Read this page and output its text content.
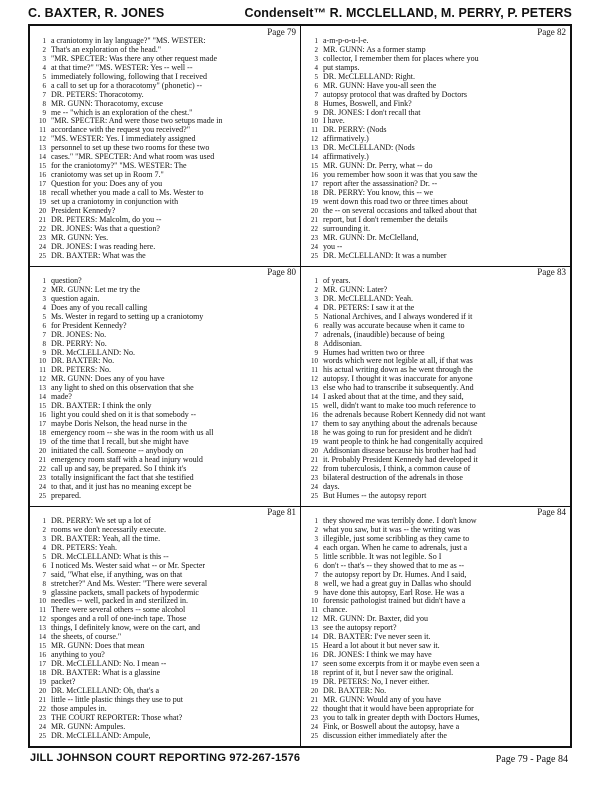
C. BAXTER, R. JONES	CondenseIt™ R. MCCLELLAND, M. PERRY, P. PETERS
Page 79
1 a craniotomy in lay language?" "MS. WESTER:
2 That's an exploration of the head."
3 "MR. SPECTER: Was there any other request made
4 at that time?" "MS. WESTER: Yes -- well --
5 immediately following, following that I received
6 a call to set up for a thoracotomy" (phonetic) --
7 DR. PETERS: Thoracotomy.
8 MR. GUNN: Thoracotomy, excuse
9 me -- "which is an exploration of the chest."
10 "MR. SPECTER: And were those two setups made in
11 accordance with the request you received?"
12 "MS. WESTER: Yes. I immediately assigned
13 personnel to set up these two rooms for these two
14 cases." "MR. SPECTER: And what room was used
15 for the craniotomy?" "MS. WESTER: The
16 craniotomy was set up in Room 7."
17 Question for you: Does any of you
18 recall whether you made a call to Ms. Wester to
19 set up a craniotomy in conjunction with
20 President Kennedy?
21 DR. PETERS: Malcolm, do you --
22 DR. JONES: Was that a question?
23 MR. GUNN: Yes.
24 DR. JONES: I was reading here.
25 DR. BAXTER: What was the
Page 80
1 question?
2 MR. GUNN: Let me try the
3 question again.
4 Does any of you recall calling
5 Ms. Wester in regard to setting up a craniotomy
6 for President Kennedy?
7 DR. JONES: No.
8 DR. PERRY: No.
9 DR. McCLELLAND: No.
10 DR. BAXTER: No.
11 DR. PETERS: No.
12 MR. GUNN: Does any of you have
13 any light to shed on this observation that she
14 made?
15 DR. BAXTER: I think the only
16 light you could shed on it is that somebody --
17 maybe Doris Nelson, the head nurse in the
18 emergency room -- she was in the room with us all
19 of the time that I recall, but she might have
20 initiated the call. Someone -- anybody on
21 emergency room staff with a head injury would
22 call up and say, be prepared. So I think it's
23 totally insignificant the fact that she testified
24 to that, and it just has no meaning except be
25 prepared.
Page 81
1 DR. PERRY: We set up a lot of
2 rooms we don't necessarily execute.
3 DR. BAXTER: Yeah, all the time.
4 DR. PETERS: Yeah.
5 DR. McCLELLAND: What is this --
6 I noticed Ms. Wester said what -- or Mr. Specter
7 said, "What else, if anything, was on that
8 stretcher?" And Ms. Wester: "There were several
9 glassine packets, small packets of hypodermic
10 needles -- well, packed in and sterilized in.
11 There were several others -- some alcohol
12 sponges and a roll of one-inch tape. Those
13 things, I definitely know, were on the cart, and
14 the sheets, of course."
15 MR. GUNN: Does that mean
16 anything to you?
17 DR. McCLELLAND: No. I mean --
18 DR. BAXTER: What is a glassine
19 packet?
20 DR. McCLELLAND: Oh, that's a
21 little -- little plastic things they use to put
22 those ampules in.
23 THE COURT REPORTER: Those what?
24 MR. GUNN: Ampules.
25 DR. McCLELLAND: Ampule,
Page 82
1 a-m-p-o-u-l-e.
2 MR. GUNN: As a former stamp
3 collector, I remember them for places where you
4 put stamps.
5 DR. McCLELLAND: Right.
6 MR. GUNN: Have you-all seen the
7 autopsy protocol that was drafted by Doctors
8 Humes, Boswell, and Fink?
9 DR. JONES: I don't recall that
10 I have.
11 DR. PERRY: (Nods
12 affirmatively.)
13 DR. McCLELLAND: (Nods
14 affirmatively.)
15 MR. GUNN: Dr. Perry, what -- do
16 you remember how soon it was that you saw the
17 report after the assassination? Dr. --
18 DR. PERRY: You know, this -- we
19 went down this road two or three times about
20 the -- on several occasions and talked about that
21 report, but I don't remember the details
22 surrounding it.
23 MR. GUNN: Dr. McClelland,
24 you --
25 DR. McCLELLAND: It was a number
Page 83
1 of years.
2 MR. GUNN: Later?
3 DR. McCLELLAND: Yeah.
4 DR. PETERS: I saw it at the
5 National Archives, and I always wondered if it
6 really was accurate because when it came to
7 adrenals, (inaudible) because of being
8 Addisonian.
9 Humes had written two or three
10 words which were not legible at all, if that was
11 his actual writing down as he went through the
12 autopsy. I thought it was inaccurate for anyone
13 else who had to transcribe it subsequently. And
14 I asked about that at the time, and they said,
15 well, didn't want to make too much reference to
16 the adrenals because Robert Kennedy did not want
17 them to say anything about the adrenals because
18 he was going to run for president and he didn't
19 want people to think he had congenitally acquired
20 Addisonian disease because his brother had had
21 it. Probably President Kennedy had developed it
22 from tuberculosis, I think, a common cause of
23 bilateral destruction of the adrenals in those
24 days.
25 But Humes -- the autopsy report
Page 84
1 they showed me was terribly done. I don't know
2 what you saw, but it was -- the writing was
3 illegible, just some scribbling as they came to
4 each organ. When he came to adrenals, just a
5 little scribble. It was not legible. So I
6 don't -- that's -- they showed that to me as --
7 the autopsy report by Dr. Humes. And I said,
8 well, we had a great guy in Dallas who should
9 have done this autopsy, Earl Rose. He was a
10 forensic pathologist trained but didn't have a
11 chance.
12 MR. GUNN: Dr. Baxter, did you
13 see the autopsy report?
14 DR. BAXTER: I've never seen it.
15 Heard a lot about it but never saw it.
16 DR. JONES: I think we may have
17 seen some excerpts from it or maybe even seen a
18 reprint of it, but I never saw the original.
19 DR. PETERS: No, I never either.
20 DR. BAXTER: No.
21 MR. GUNN: Would any of you have
22 thought that it would have been appropriate for
23 you to talk in greater depth with Doctors Humes,
24 Fink, or Boswell about the autopsy, have a
25 discussion either immediately after the
JILL JOHNSON COURT REPORTING 972-267-1576	Page 79 - Page 84
